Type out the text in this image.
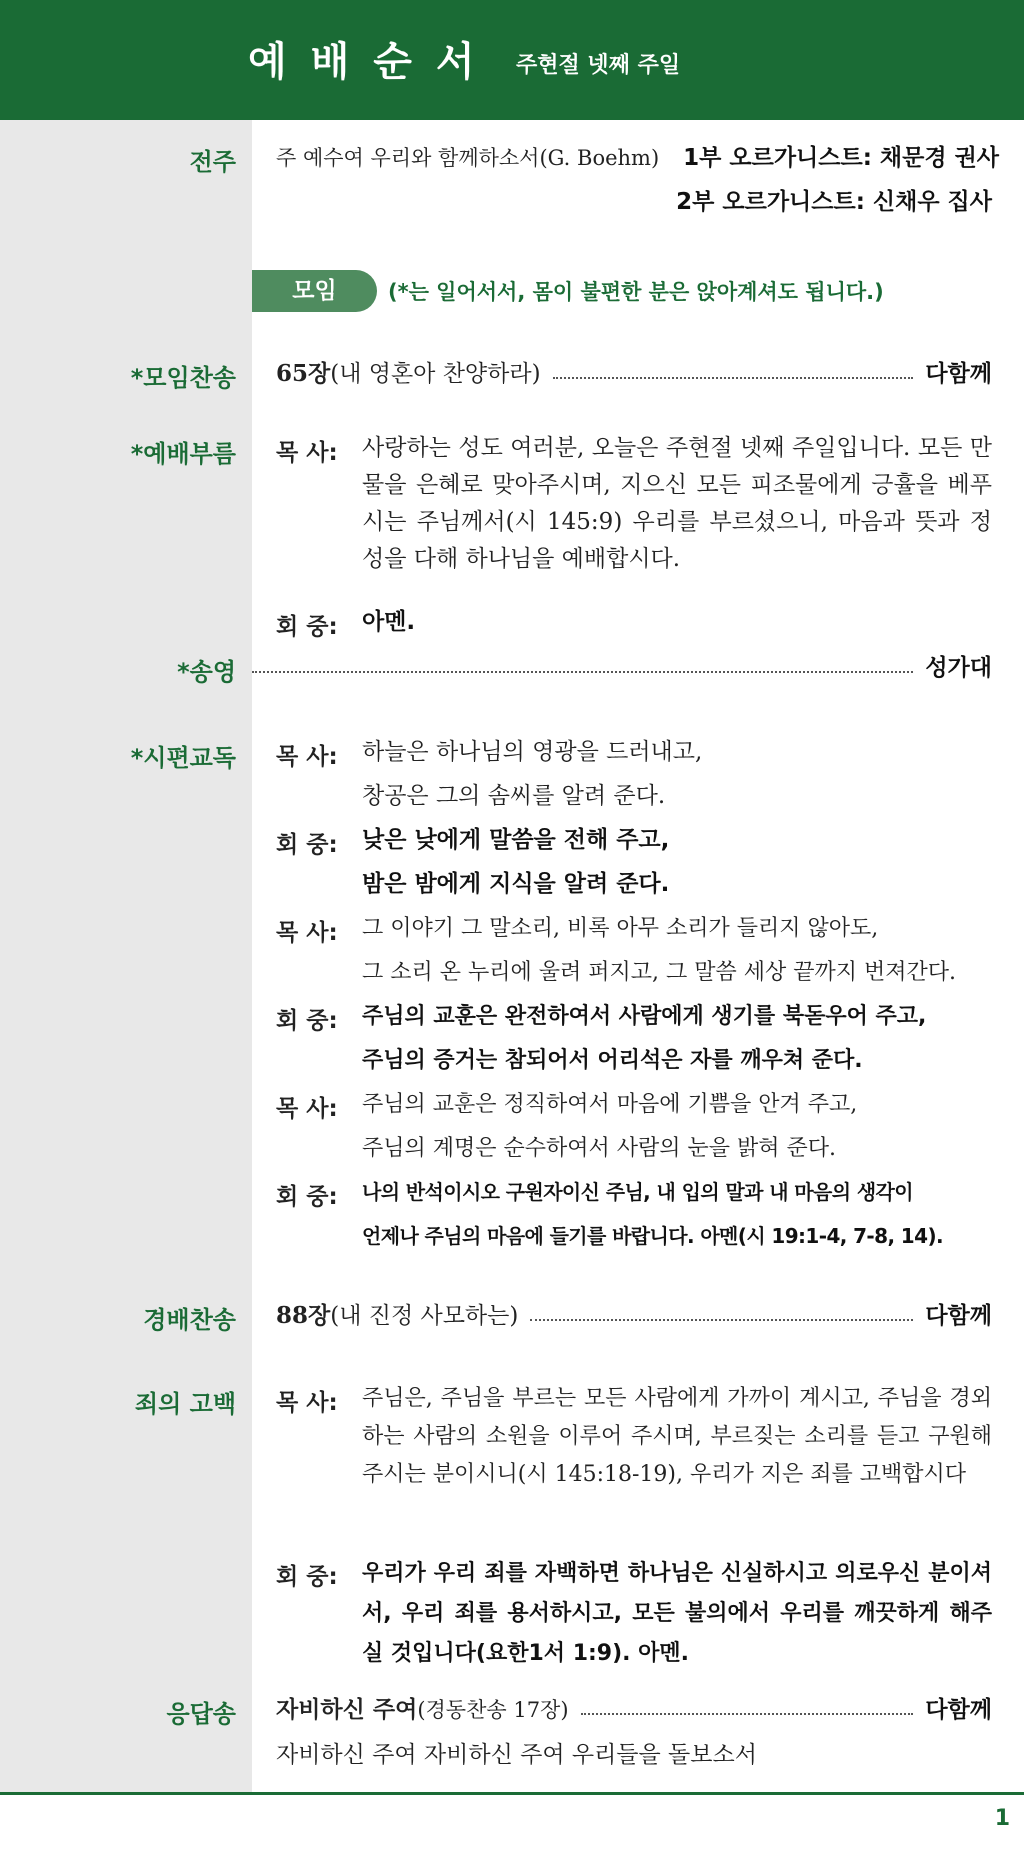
예배순서 주현절 넷째 주일
전주 주 예수여 우리와 함께하소서(G. Boehm) 1부 오르가니스트: 채문경 권사
2부 오르가니스트: 신채우 집사
모임	(*는 일어서서, 몸이 불편한 분은 앉아계셔도 됩니다.)
*모임찬송 65장 (내 영혼아 찬양하라)	다함께
*예배부름 목 사:	사랑하는 성도 여러분, 오늘은 주현절 넷째 주일입니다. 모든 만물을 은혜로 맞아주시며, 지으신 모든 피조물에게 긍휼을 베푸시는 주님께서(시 145:9) 우리를 부르셨으니, 마음과 뜻과 정성을 다해 하나님을 예배합시다.
회 중:	아멘.
*송영	성가대
*시편교독 목 사:	하늘은 하나님의 영광을 드러내고,
창공은 그의 솜씨를 알려 준다.
회 중:	낮은 낮에게 말씀을 전해 주고,
밤은 밤에게 지식을 알려 준다.
목 사:	그 이야기 그 말소리, 비록 아무 소리가 들리지 않아도,
그 소리 온 누리에 울려 퍼지고, 그 말씀 세상 끝까지 번져간다.
회 중:	주님의 교훈은 완전하여서 사람에게 생기를 북돋우어 주고,
주님의 증거는 참되어서 어리석은 자를 깨우쳐 준다.
목 사:	주님의 교훈은 정직하여서 마음에 기쁨을 안겨 주고,
주님의 계명은 순수하여서 사람의 눈을 밝혀 준다.
회 중:	나의 반석이시오 구원자이신 주님, 내 입의 말과 내 마음의 생각이
언제나 주님의 마음에 들기를 바랍니다. 아멘(시 19:1-4, 7-8, 14).
경배찬송 88장 (내 진정 사모하는)	다함께
죄의 고백 목 사:	주님은, 주님을 부르는 모든 사람에게 가까이 계시고, 주님을 경외하는 사람의 소원을 이루어 주시며, 부르짖는 소리를 듣고 구원해 주시는 분이시니(시 145:18-19), 우리가 지은 죄를 고백합시다
회 중:	우리가 우리 죄를 자백하면 하나님은 신실하시고 의로우신 분이셔서, 우리 죄를 용서하시고, 모든 불의에서 우리를 깨끗하게 해주실 것입니다(요한1서 1:9). 아멘.
응답송 자비하신 주여 (경동찬송 17장)	다함께
자비하신 주여 자비하신 주여 우리들을 돌보소서
1
